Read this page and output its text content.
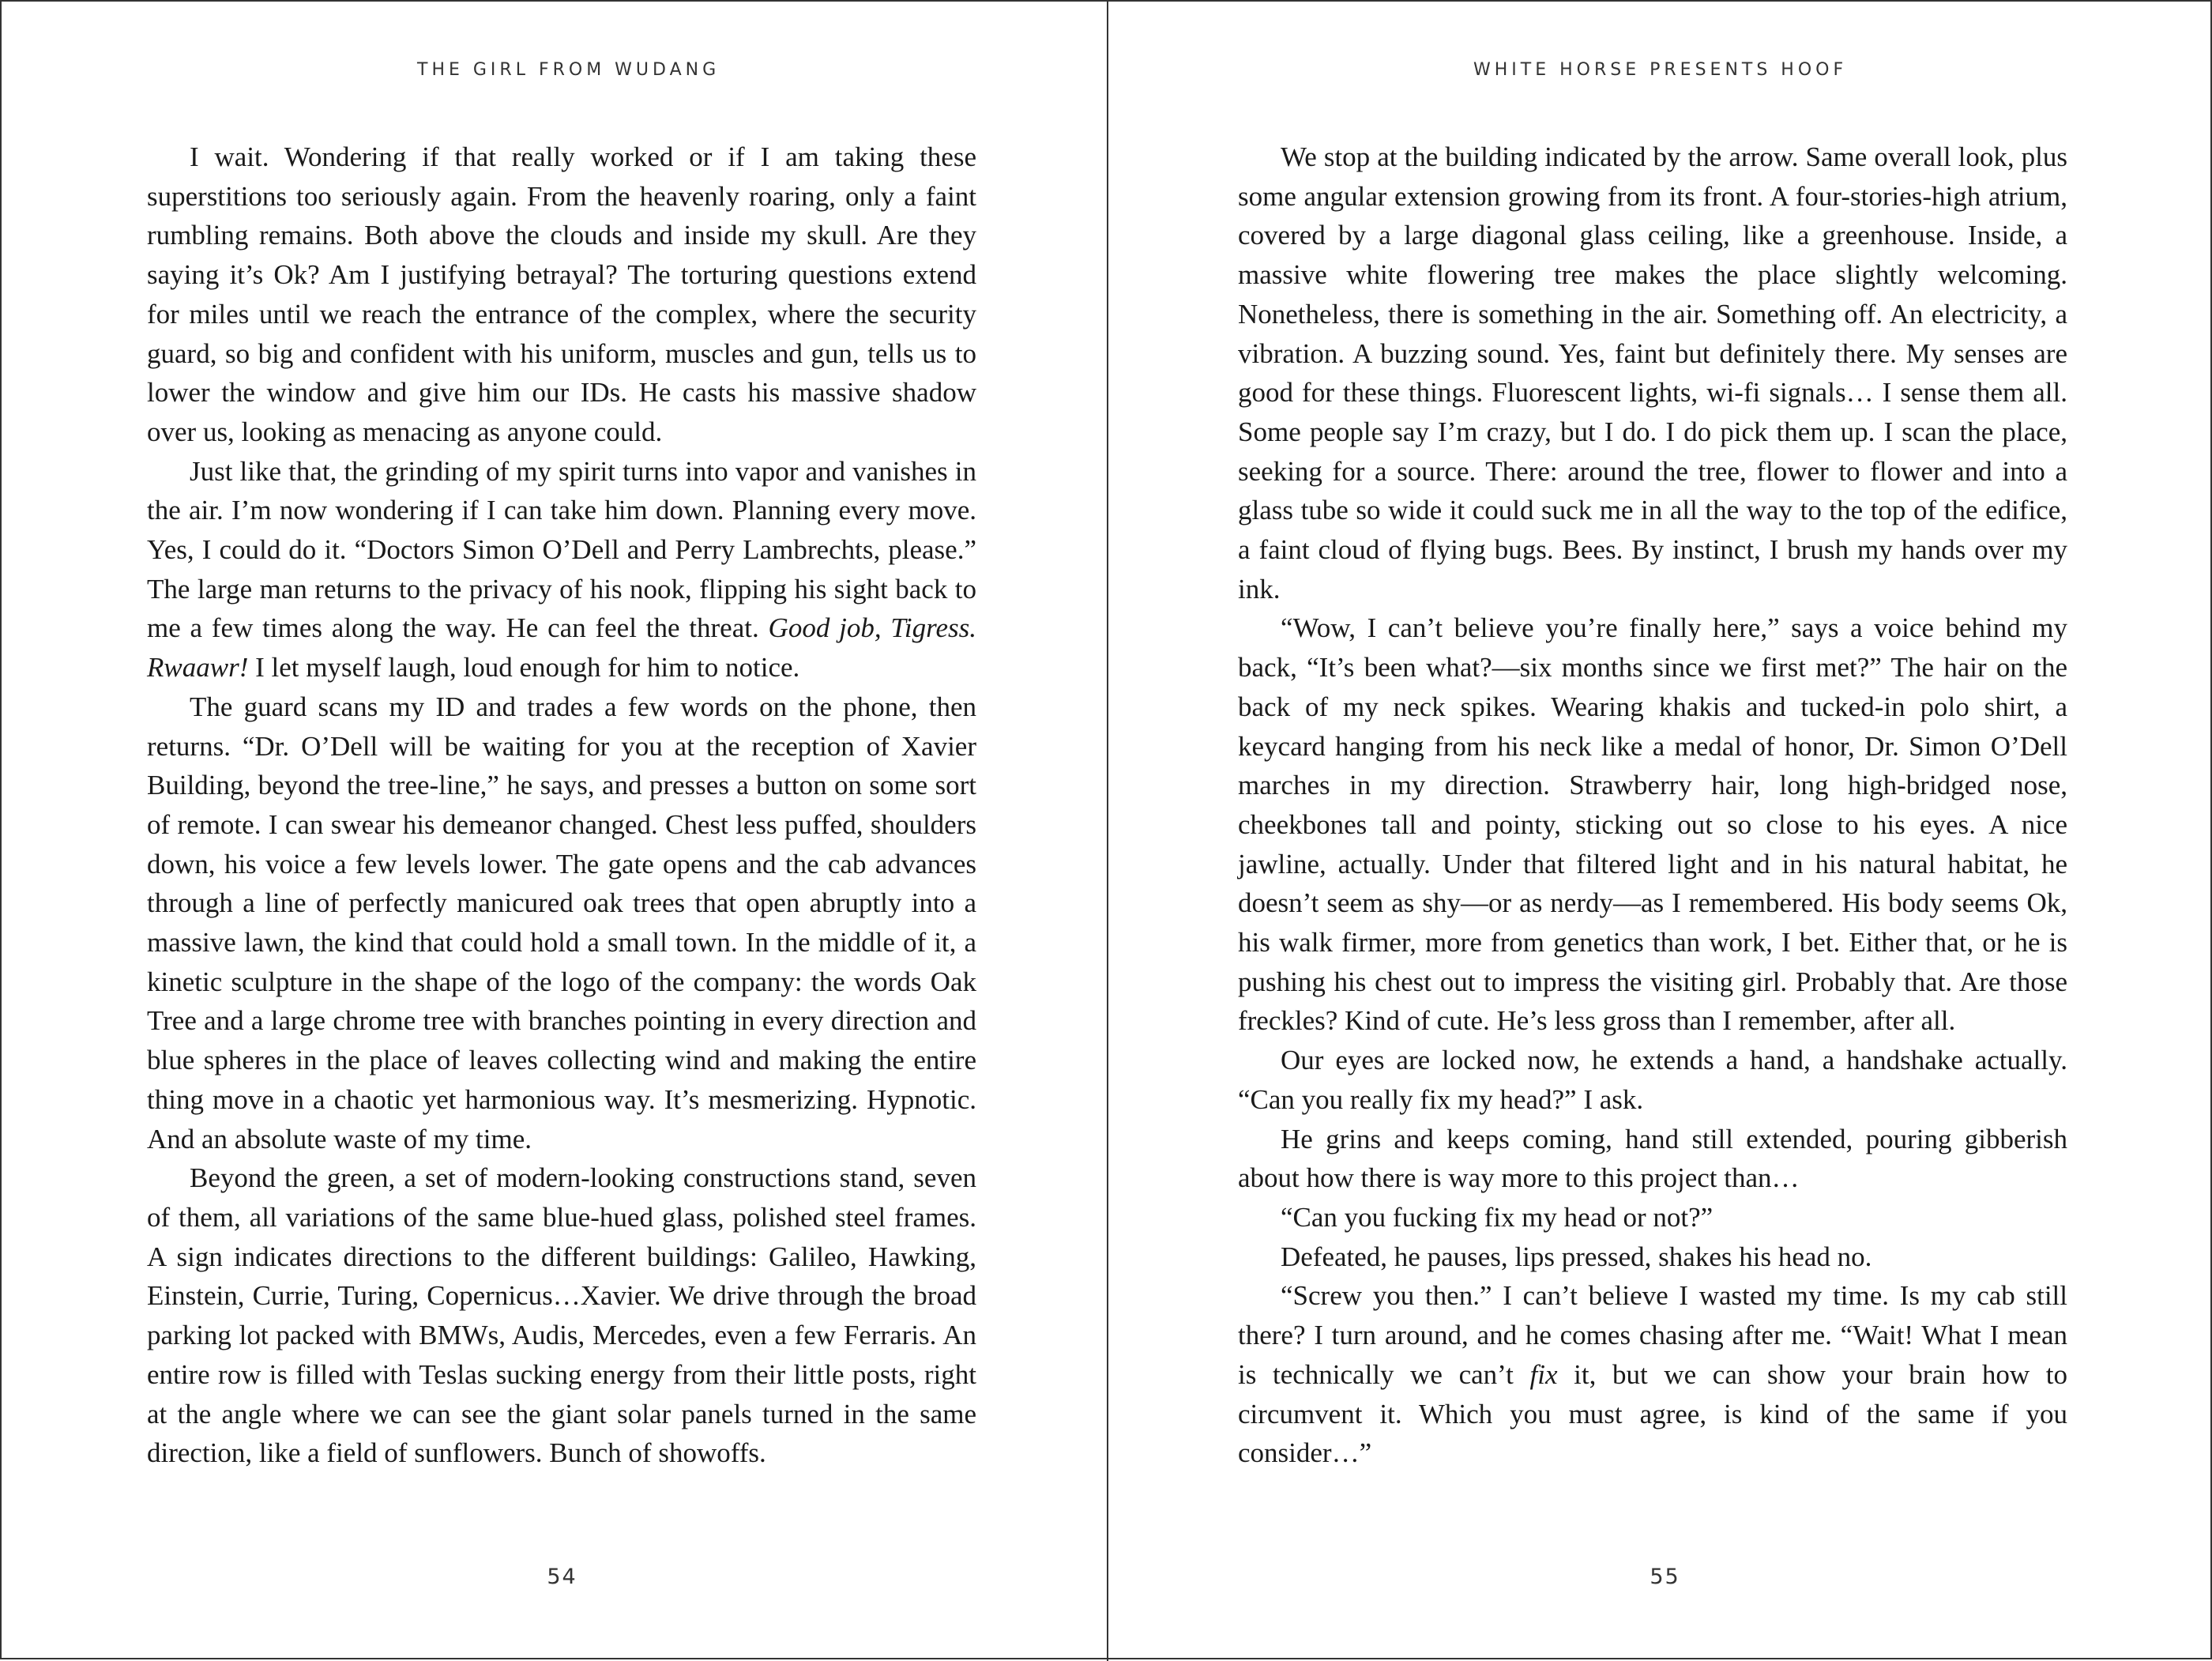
THE GIRL FROM WUDANG

I wait. Wondering if that really worked or if I am taking these superstitions too seriously again. From the heavenly roaring, only a faint rumbling remains. Both above the clouds and inside my skull. Are they saying it’s Ok? Am I justifying betrayal? The torturing questions extend for miles until we reach the entrance of the complex, where the security guard, so big and confident with his uniform, muscles and gun, tells us to lower the window and give him our IDs. He casts his massive shadow over us, looking as menacing as anyone could.

Just like that, the grinding of my spirit turns into vapor and vanishes in the air. I’m now wondering if I can take him down. Planning every move. Yes, I could do it. “Doctors Simon O’Dell and Perry Lambrechts, please.” The large man returns to the privacy of his nook, flipping his sight back to me a few times along the way. He can feel the threat. Good job, Tigress. Rwaawr! I let myself laugh, loud enough for him to notice.

The guard scans my ID and trades a few words on the phone, then returns. “Dr. O’Dell will be waiting for you at the reception of Xavier Building, beyond the tree-line,” he says, and presses a button on some sort of remote. I can swear his demeanor changed. Chest less puffed, shoulders down, his voice a few levels lower. The gate opens and the cab advances through a line of perfectly manicured oak trees that open abruptly into a massive lawn, the kind that could hold a small town. In the middle of it, a kinetic sculpture in the shape of the logo of the company: the words Oak Tree and a large chrome tree with branches pointing in every direction and blue spheres in the place of leaves collecting wind and making the entire thing move in a chaotic yet harmonious way. It’s mesmerizing. Hypnotic. And an absolute waste of my time.

Beyond the green, a set of modern-looking constructions stand, seven of them, all variations of the same blue-hued glass, polished steel frames. A sign indicates directions to the different buildings: Galileo, Hawking, Einstein, Currie, Turing, Copernicus…Xavier. We drive through the broad parking lot packed with BMWs, Audis, Mercedes, even a few Ferraris. An entire row is filled with Teslas sucking energy from their little posts, right at the angle where we can see the giant solar panels turned in the same direction, like a field of sunflowers. Bunch of showoffs.

54
WHITE HORSE PRESENTS HOOF

We stop at the building indicated by the arrow. Same overall look, plus some angular extension growing from its front. A four-stories-high atrium, covered by a large diagonal glass ceiling, like a greenhouse. Inside, a massive white flowering tree makes the place slightly welcoming. Nonetheless, there is something in the air. Something off. An electricity, a vibration. A buzzing sound. Yes, faint but definitely there. My senses are good for these things. Fluorescent lights, wi-fi signals… I sense them all. Some people say I’m crazy, but I do. I do pick them up. I scan the place, seeking for a source. There: around the tree, flower to flower and into a glass tube so wide it could suck me in all the way to the top of the edifice, a faint cloud of flying bugs. Bees. By instinct, I brush my hands over my ink.

“Wow, I can’t believe you’re finally here,” says a voice behind my back, “It’s been what?—six months since we first met?” The hair on the back of my neck spikes. Wearing khakis and tucked-in polo shirt, a keycard hanging from his neck like a medal of honor, Dr. Simon O’Dell marches in my direction. Strawberry hair, long high-bridged nose, cheekbones tall and pointy, sticking out so close to his eyes. A nice jawline, actually. Under that filtered light and in his natural habitat, he doesn’t seem as shy—or as nerdy—as I remembered. His body seems Ok, his walk firmer, more from genetics than work, I bet. Either that, or he is pushing his chest out to impress the visiting girl. Probably that. Are those freckles? Kind of cute. He’s less gross than I remember, after all.

Our eyes are locked now, he extends a hand, a handshake actually. “Can you really fix my head?” I ask.

He grins and keeps coming, hand still extended, pouring gibberish about how there is way more to this project than…

“Can you fucking fix my head or not?”

Defeated, he pauses, lips pressed, shakes his head no.

“Screw you then.” I can’t believe I wasted my time. Is my cab still there? I turn around, and he comes chasing after me. “Wait! What I mean is technically we can’t fix it, but we can show your brain how to circumvent it. Which you must agree, is kind of the same if you consider…”

55
